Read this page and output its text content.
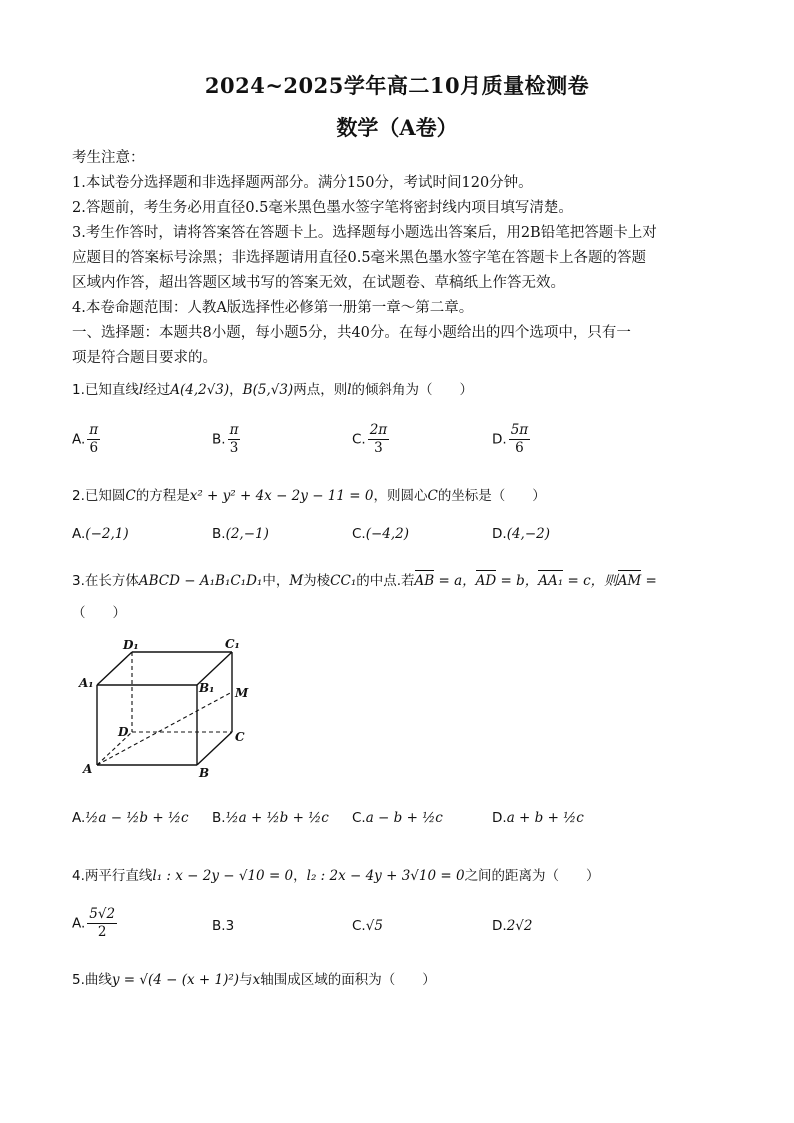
2024~2025学年高二10月质量检测卷
数学（A卷）
考生注意：
1.本试卷分选择题和非选择题两部分。满分150分，考试时间120分钟。
2.答题前，考生务必用直径0.5毫米黑色墨水签字笔将密封线内项目填写清楚。
3.考生作答时，请将答案答在答题卡上。选择题每小题选出答案后，用2B铅笔把答题卡上对
应题目的答案标号涂黑；非选择题请用直径0.5毫米黑色墨水签字笔在答题卡上各题的答题
区域内作答，超出答题区域书写的答案无效，在试题卷、草稿纸上作答无效。
4.本卷命题范围：人教A版选择性必修第一册第一章～第二章。
一、选择题：本题共8小题，每小题5分，共40分。在每小题给出的四个选项中，只有一
项是符合题目要求的。
1.已知直线l经过A(4,2√3)，B(5,√3)两点，则l的倾斜角为（　　）
A. $\frac{\pi}{6}$	B. $\frac{\pi}{3}$	C. $\frac{2\pi}{3}$	D. $\frac{5\pi}{6}$
2.已知圆C的方程是x² + y² + 4x − 2y − 11 = 0，则圆心C的坐标是（　　）
A.(−2,1)	B.(2,−1)	C.(−4,2)	D.(4,−2)
3.在长方体ABCD − A₁B₁C₁D₁中，M为棱CC₁的中点.若AB = a，AD = b，AA₁ = c，则AM =
（　　）
D₁	C₁
A₁	B₁ M
D	C
A	B
A.½a − ½b + ½c B.½a + ½b + ½c C.a − b + ½c	D.a + b + ½c
4.两平行直线l₁ : x − 2y − √10 = 0，l₂ : 2x − 4y + 3√10 = 0之间的距离为（　　）
A. $\frac{5√2}{2}$	B.3	C.√5	D.2√2
5.曲线y = √(4 − (x + 1)²)与x轴围成区域的面积为（　　）
